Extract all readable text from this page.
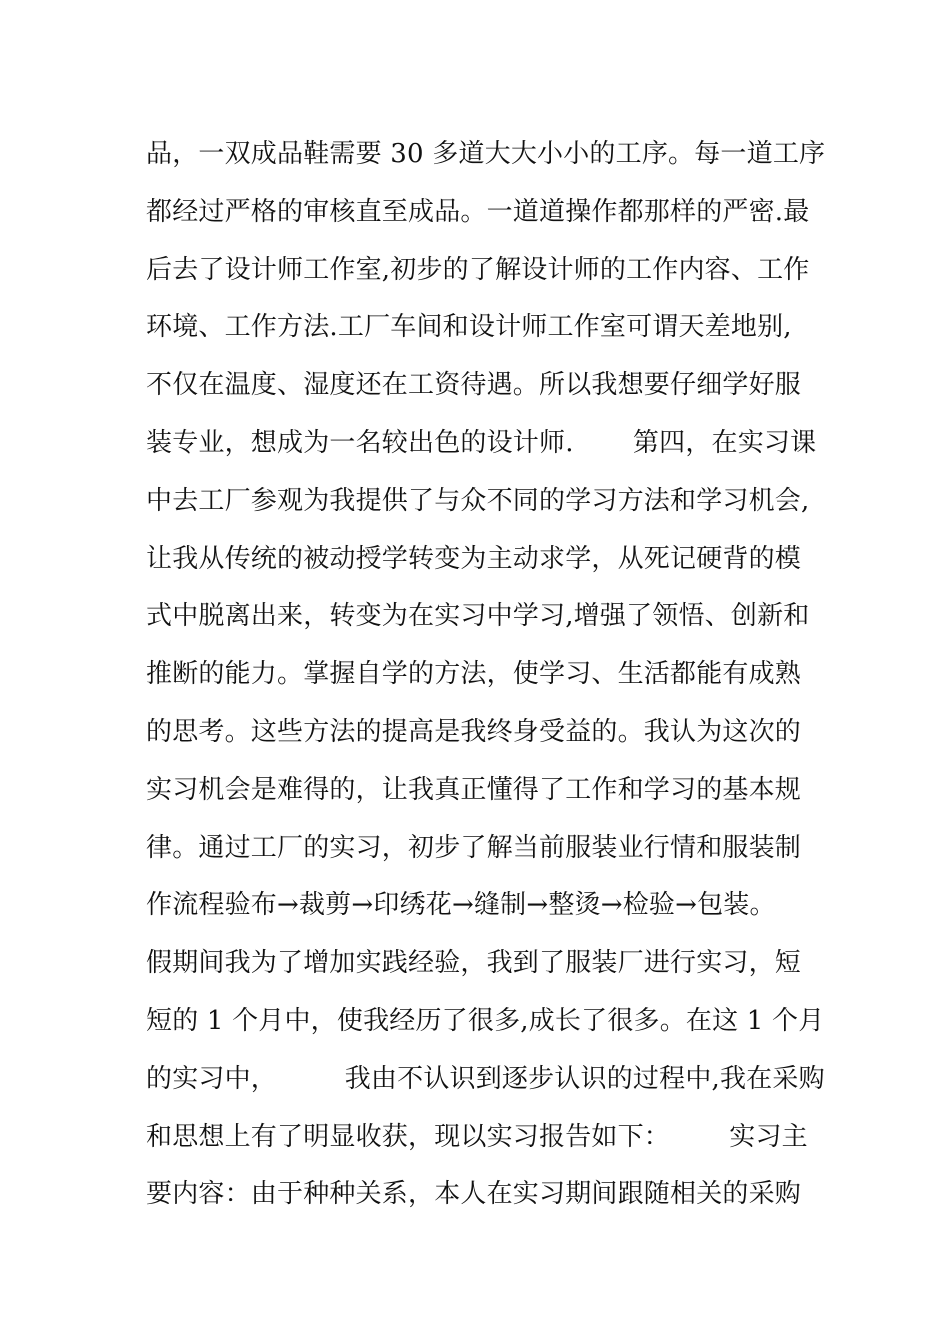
品，一双成品鞋需要 30 多道大大小小的工序。每一道工序
都经过严格的审核直至成品。一道道操作都那样的严密.最
后去了设计师工作室,初步的了解设计师的工作内容、工作
环境、工作方法.工厂车间和设计师工作室可谓天差地别,
不仅在温度、湿度还在工资待遇。所以我想要仔细学好服
装专业，想成为一名较出色的设计师.       第四，在实习课
中去工厂参观为我提供了与众不同的学习方法和学习机会,
让我从传统的被动授学转变为主动求学，从死记硬背的模
式中脱离出来，转变为在实习中学习,增强了领悟、创新和
推断的能力。掌握自学的方法，使学习、生活都能有成熟
的思考。这些方法的提高是我终身受益的。我认为这次的
实习机会是难得的，让我真正懂得了工作和学习的基本规
律。通过工厂的实习，初步了解当前服装业行情和服装制
作流程验布→裁剪→印绣花→缝制→整烫→检验→包装。
假期间我为了增加实践经验，我到了服装厂进行实习，短
短的 1 个月中，使我经历了很多,成长了很多。在这 1 个月
的实习中，        我由不认识到逐步认识的过程中,我在采购
和思想上有了明显收获，现以实习报告如下：       实习主
要内容：由于种种关系，本人在实习期间跟随相关的采购
